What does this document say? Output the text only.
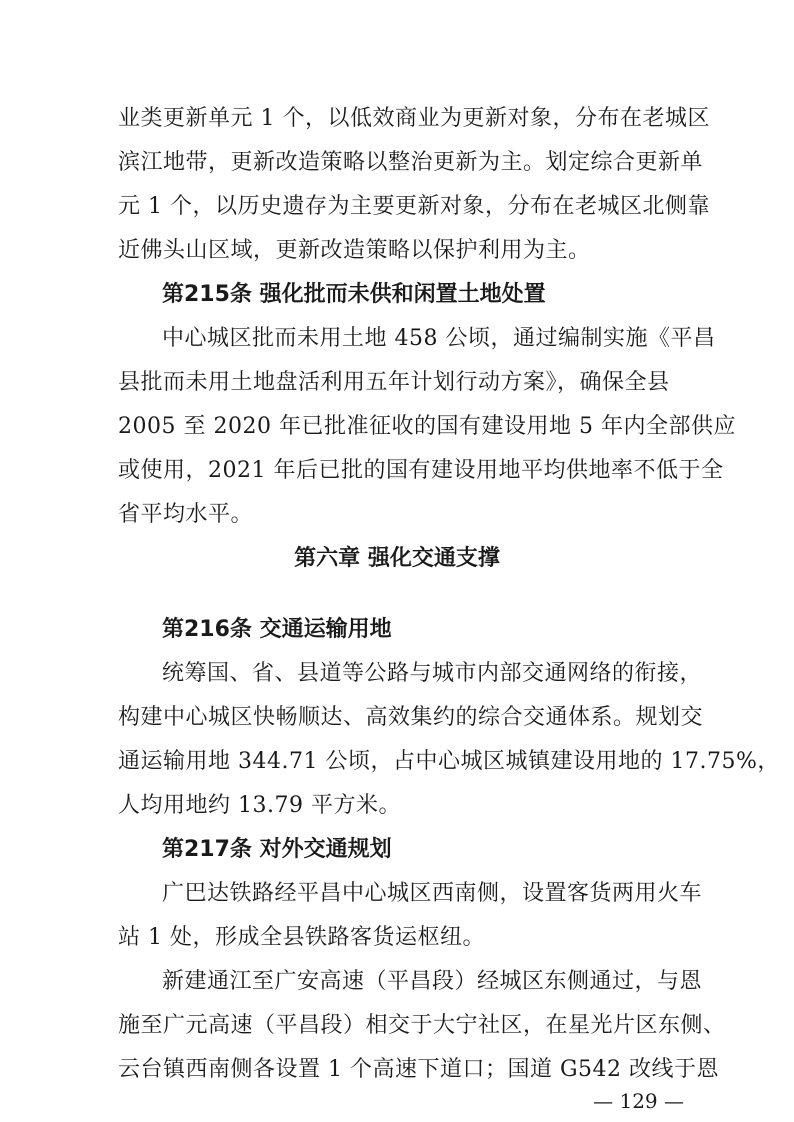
业类更新单元 1 个，以低效商业为更新对象，分布在老城区
滨江地带，更新改造策略以整治更新为主。划定综合更新单
元 1 个，以历史遗存为主要更新对象，分布在老城区北侧靠
近佛头山区域，更新改造策略以保护利用为主。
第215条 强化批而未供和闲置土地处置
中心城区批而未用土地 458 公顷，通过编制实施《平昌
县批而未用土地盘活利用五年计划行动方案》，确保全县
2005 至 2020 年已批准征收的国有建设用地 5 年内全部供应
或使用，2021 年后已批的国有建设用地平均供地率不低于全
省平均水平。
第六章 强化交通支撑
第216条 交通运输用地
统筹国、省、县道等公路与城市内部交通网络的衔接，
构建中心城区快畅顺达、高效集约的综合交通体系。规划交
通运输用地 344.71 公顷，占中心城区城镇建设用地的 17.75%，
人均用地约 13.79 平方米。
第217条 对外交通规划
广巴达铁路经平昌中心城区西南侧，设置客货两用火车
站 1 处，形成全县铁路客货运枢纽。
新建通江至广安高速（平昌段）经城区东侧通过，与恩
施至广元高速（平昌段）相交于大宁社区，在星光片区东侧、
云台镇西南侧各设置 1 个高速下道口；国道 G542 改线于恩
— 129 —
